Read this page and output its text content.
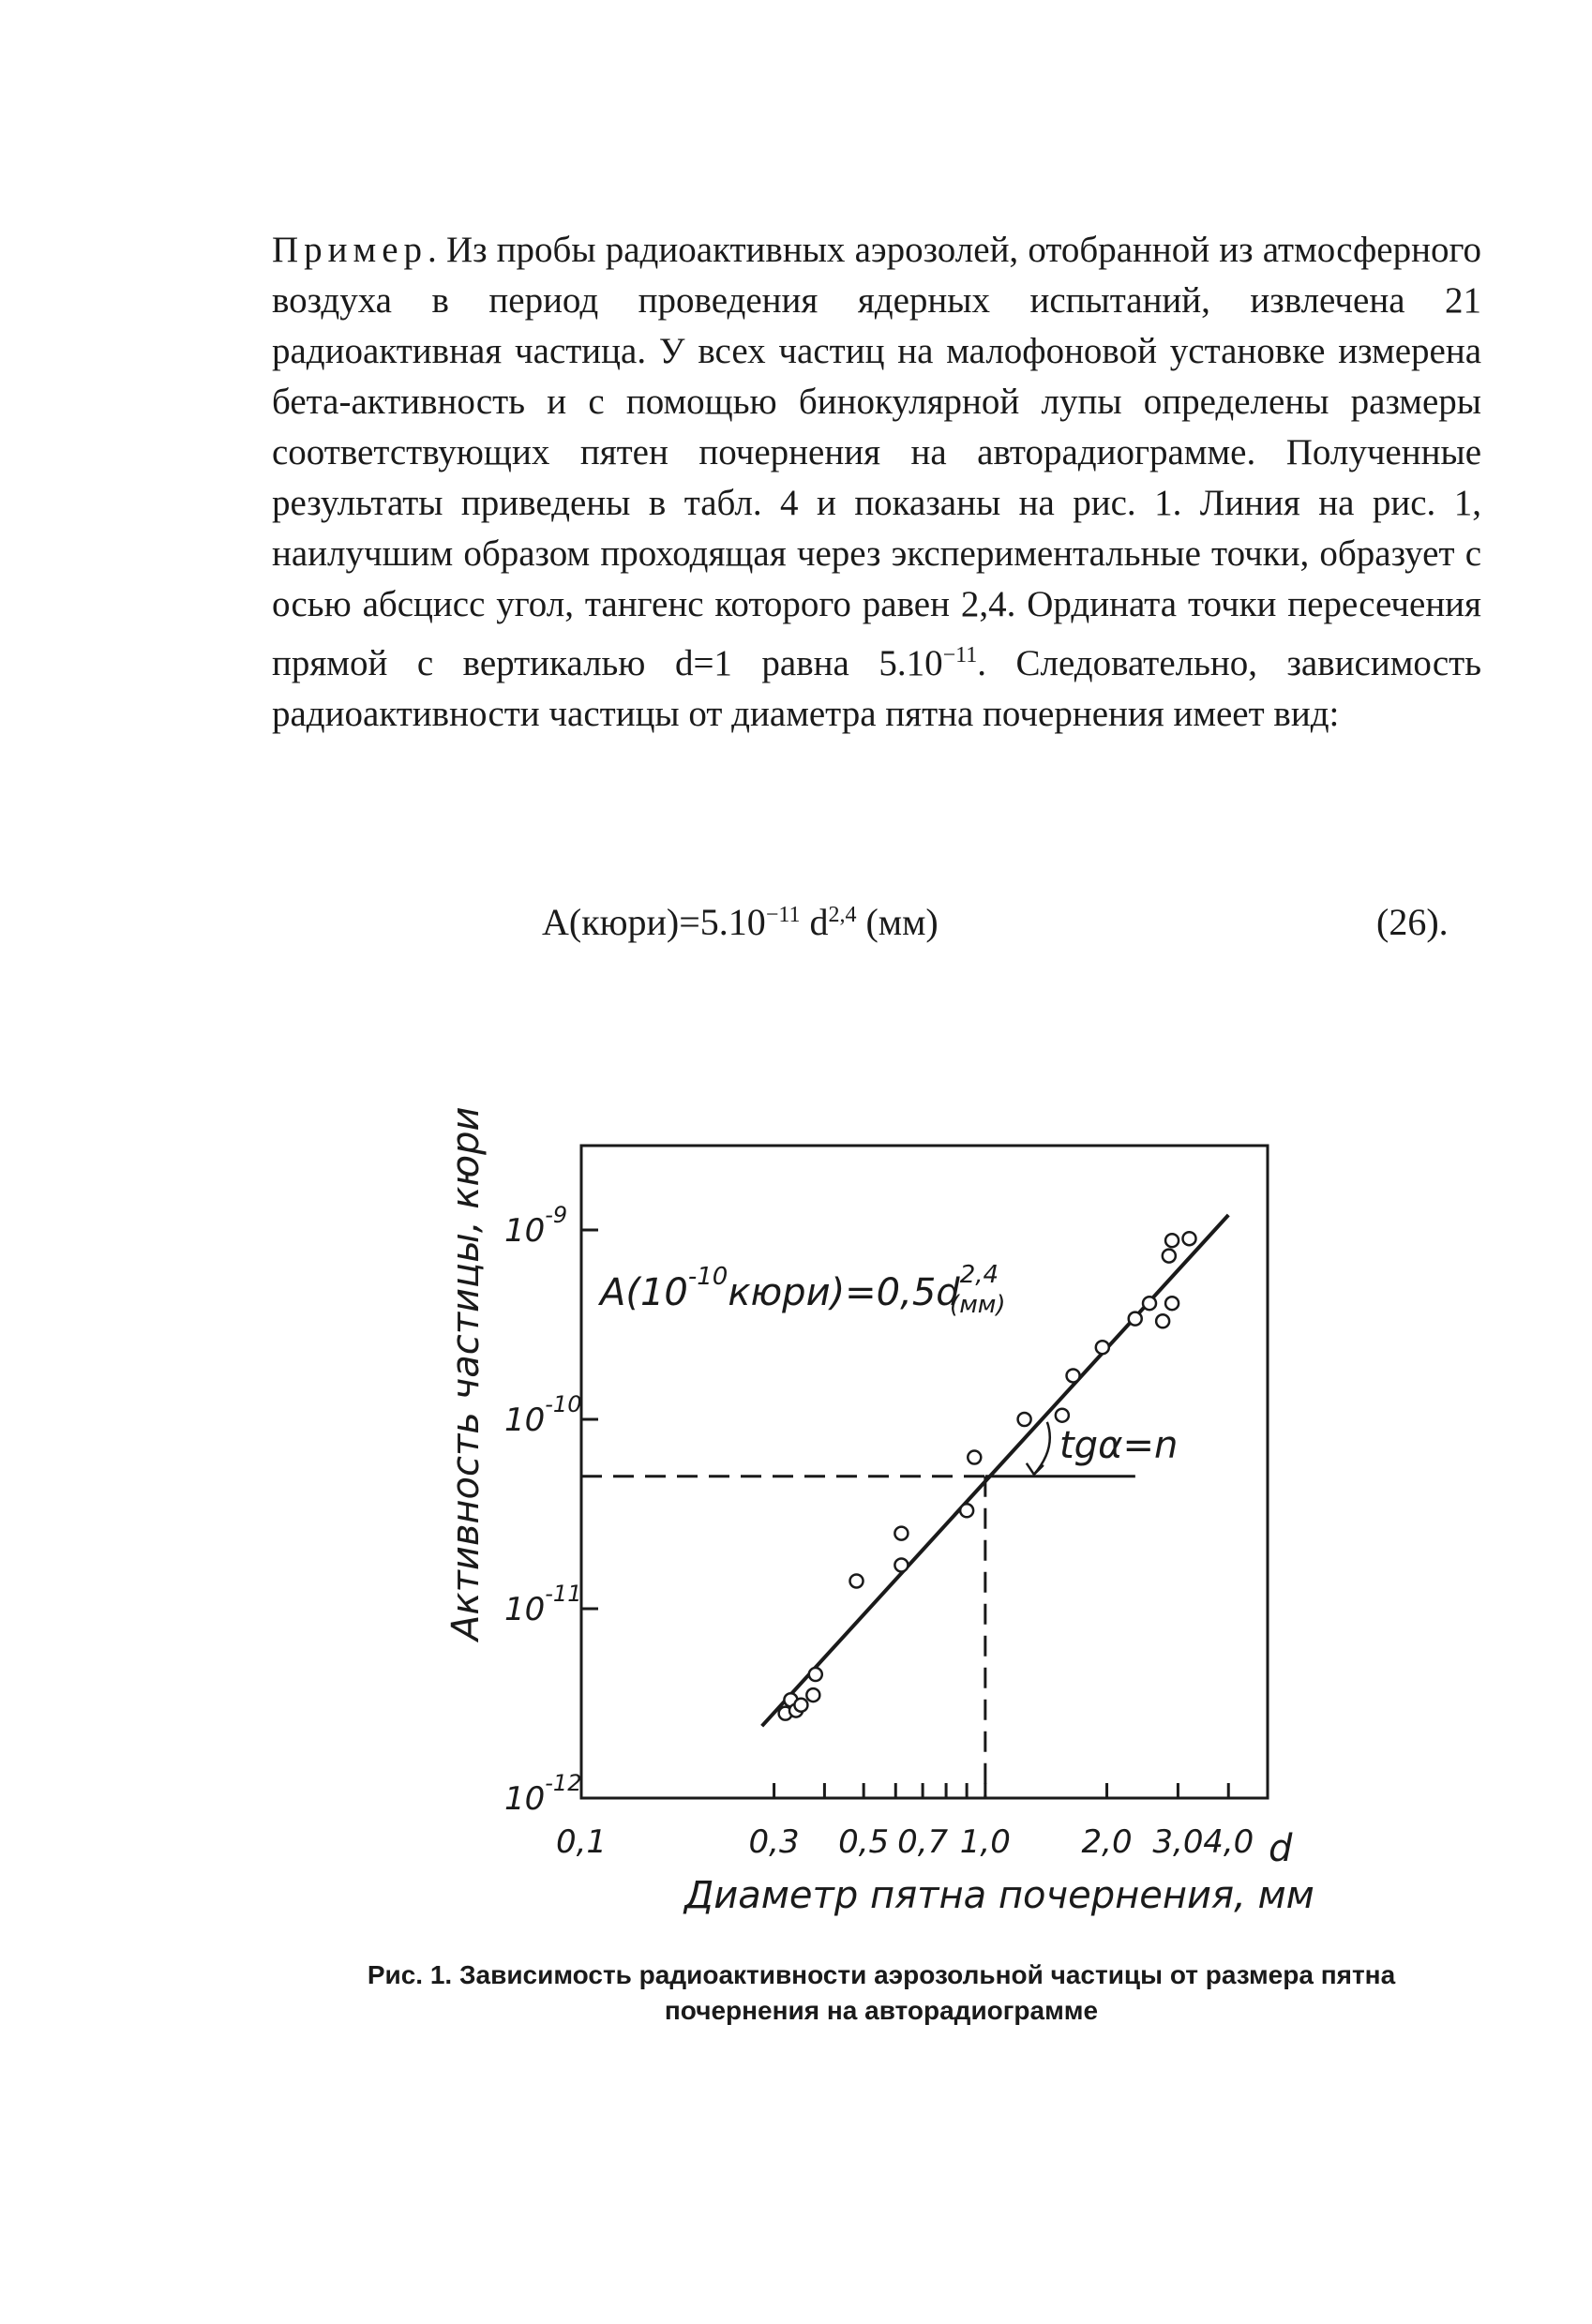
Пример. Из пробы радиоактивных аэрозолей, отобранной из атмосферного воздуха в период проведения ядерных испытаний, извлечена 21 радиоактивная частица. У всех частиц на малофоновой установке измерена бета-активность и с помощью бинокулярной лупы определены размеры соответствующих пятен почернения на авторадиограмме. Полученные результаты приведены в табл. 4 и показаны на рис. 1. Линия на рис. 1, наилучшим образом проходящая через экспериментальные точки, образует с осью абсцисс угол, тангенс которого равен 2,4. Ордината точки пересечения прямой с вертикалью d=1 равна $5.10^{-11}$. Следовательно, зависимость радиоактивности частицы от диаметра пятна почернения имеет вид:
$A(кюри)=5.10^{-11}$ $d^{2,4}$ (мм)	(26).
0,1	0,3 0,5 0,7 1,0 2,0 3,0 4,0
$10^{-9}$
$10^{-10}$
$10^{-11}$
$10^{-12}$
$A(10^{-10}кюри)=0,5d^{2,4}$ (мм)
tgα=n
Активность частицы, кюри
Диаметр пятна почернения, мм
d
Рис. 1. Зависимость радиоактивности аэрозольной частицы от размера пятна почернения на авторадиограмме
